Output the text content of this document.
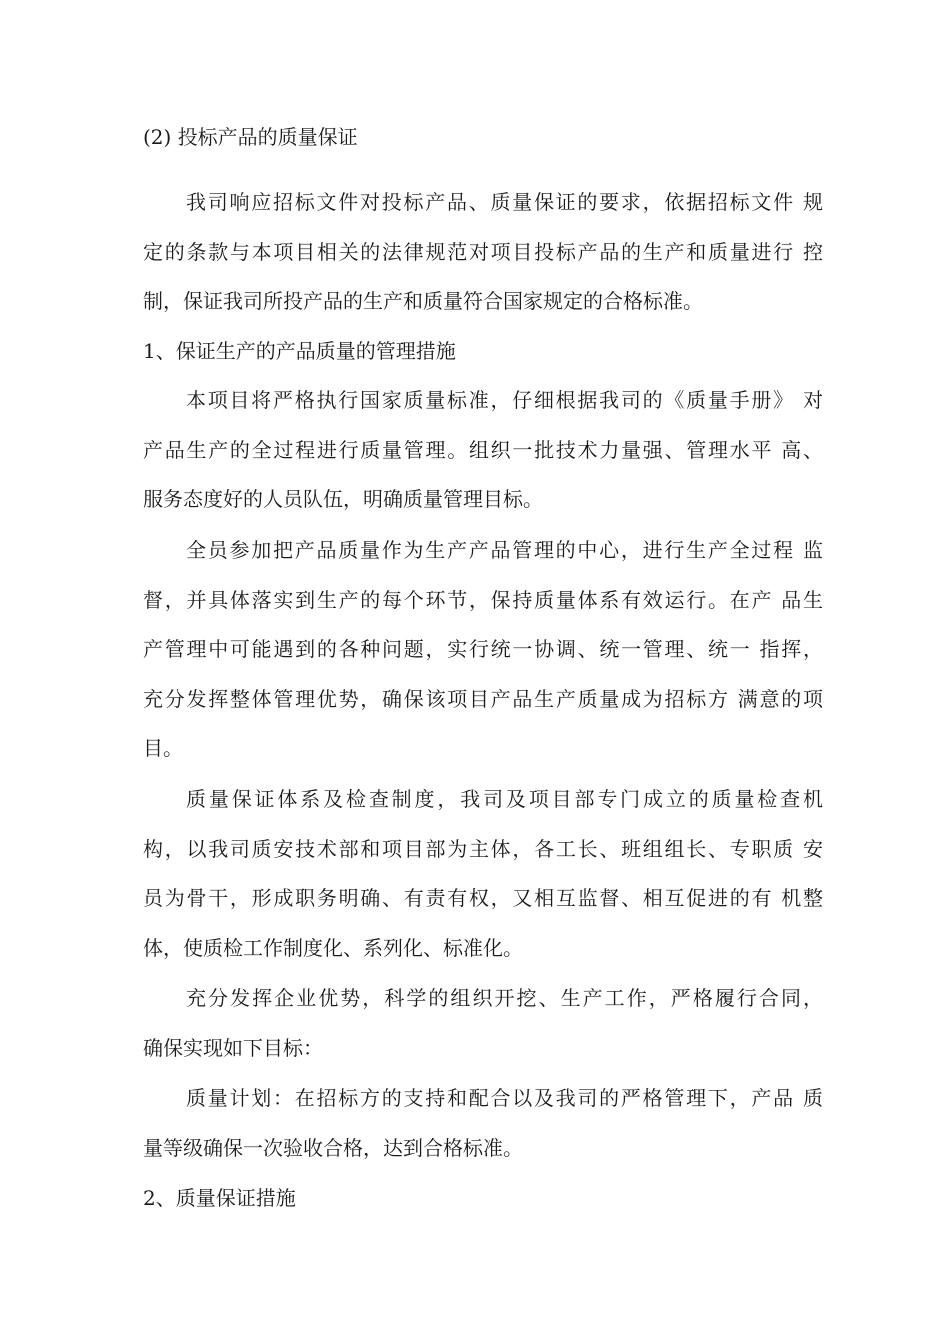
(2) 投标产品的质量保证
我司响应招标文件对投标产品、质量保证的要求，依据招标文件 规
定的条款与本项目相关的法律规范对项目投标产品的生产和质量进行 控
制，保证我司所投产品的生产和质量符合国家规定的合格标准。
1、保证生产的产品质量的管理措施
本项目将严格执行国家质量标准，仔细根据我司的《质量手册》 对
产品生产的全过程进行质量管理。组织一批技术力量强、管理水平 高、
服务态度好的人员队伍，明确质量管理目标。
全员参加把产品质量作为生产产品管理的中心，进行生产全过程 监
督，并具体落实到生产的每个环节，保持质量体系有效运行。在产 品生
产管理中可能遇到的各种问题，实行统一协调、统一管理、统一 指挥，
充分发挥整体管理优势，确保该项目产品生产质量成为招标方 满意的项
目。
质量保证体系及检查制度，我司及项目部专门成立的质量检查机
构，以我司质安技术部和项目部为主体，各工长、班组组长、专职质 安
员为骨干，形成职务明确、有责有权，又相互监督、相互促进的有 机整
体，使质检工作制度化、系列化、标准化。
充分发挥企业优势，科学的组织开挖、生产工作，严格履行合同，
确保实现如下目标：
质量计划：在招标方的支持和配合以及我司的严格管理下，产品 质
量等级确保一次验收合格，达到合格标准。
2、质量保证措施
